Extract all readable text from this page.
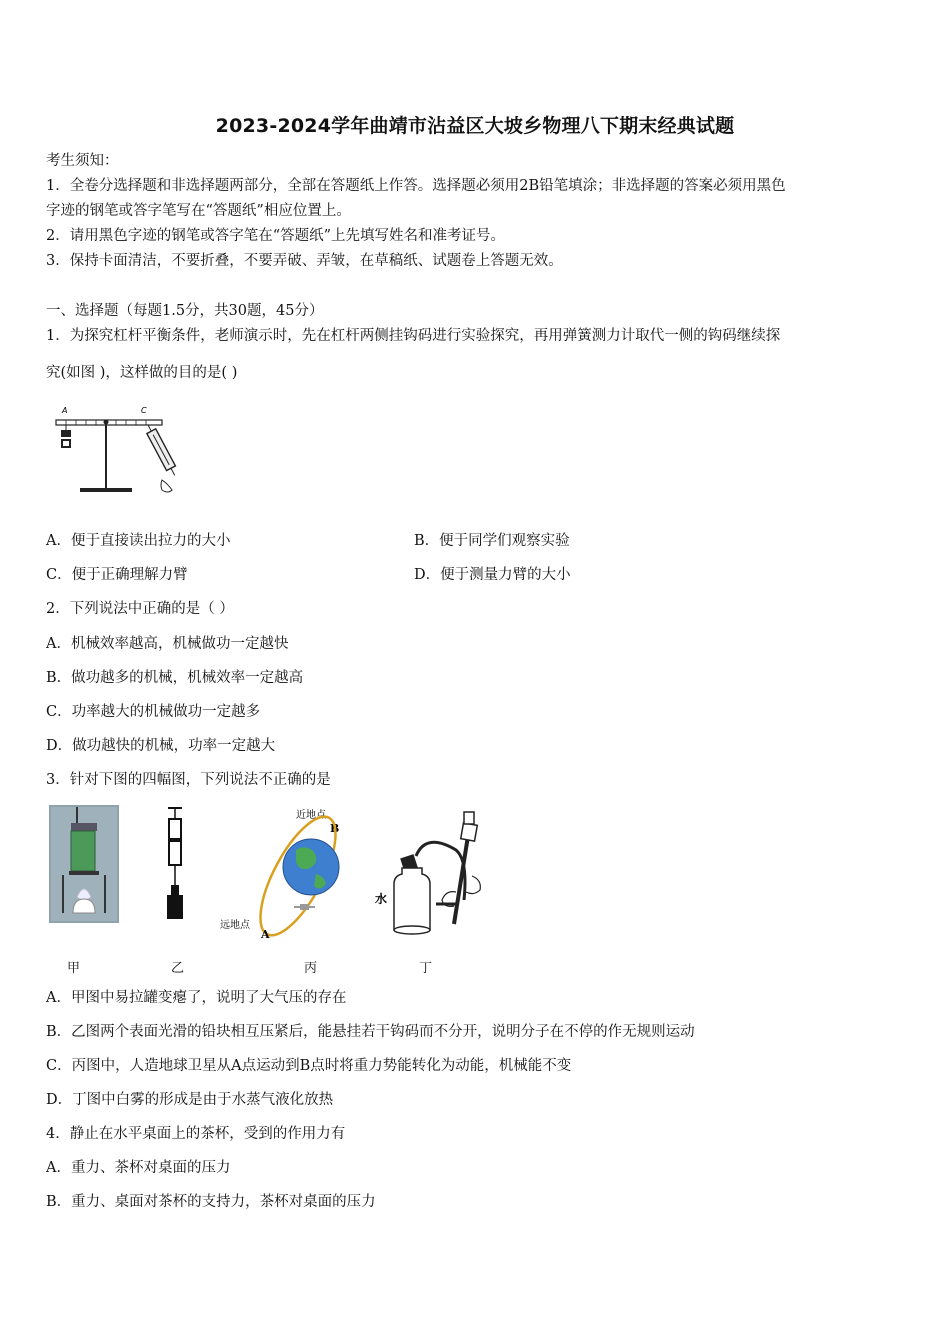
2023-2024学年曲靖市沾益区大坡乡物理八下期末经典试题
考生须知：
1．全卷分选择题和非选择题两部分，全部在答题纸上作答。选择题必须用2B铅笔填涂；非选择题的答案必须用黑色
字迹的钢笔或答字笔写在“答题纸”相应位置上。
2．请用黑色字迹的钢笔或答字笔在“答题纸”上先填写姓名和准考证号。
3．保持卡面清洁，不要折叠，不要弄破、弄皱，在草稿纸、试题卷上答题无效。
一、选择题（每题1.5分，共30题，45分）
1．为探究杠杆平衡条件，老师演示时，先在杠杆两侧挂钩码进行实验探究，再用弹簧测力计取代一侧的钩码继续探
究(如图 )，这样做的目的是( )
A	C
A．便于直接读出拉力的大小	B．便于同学们观察实验
C．便于正确理解力臂	D．便于测量力臂的大小
2．下列说法中正确的是（ ）
A．机械效率越高，机械做功一定越快
B．做功越多的机械，机械效率一定越高
C．功率越大的机械做功一定越多
D．做功越快的机械，功率一定越大
3．针对下图的四幅图，下列说法不正确的是
近地点
B
远地点
A
水
甲	乙	丙	丁
A．甲图中易拉罐变瘪了，说明了大气压的存在
B．乙图两个表面光滑的铅块相互压紧后，能悬挂若干钩码而不分开，说明分子在不停的作无规则运动
C．丙图中，人造地球卫星从A点运动到B点时将重力势能转化为动能，机械能不变
D．丁图中白雾的形成是由于水蒸气液化放热
4．静止在水平桌面上的茶杯，受到的作用力有
A．重力、茶杯对桌面的压力
B．重力、桌面对茶杯的支持力，茶杯对桌面的压力
